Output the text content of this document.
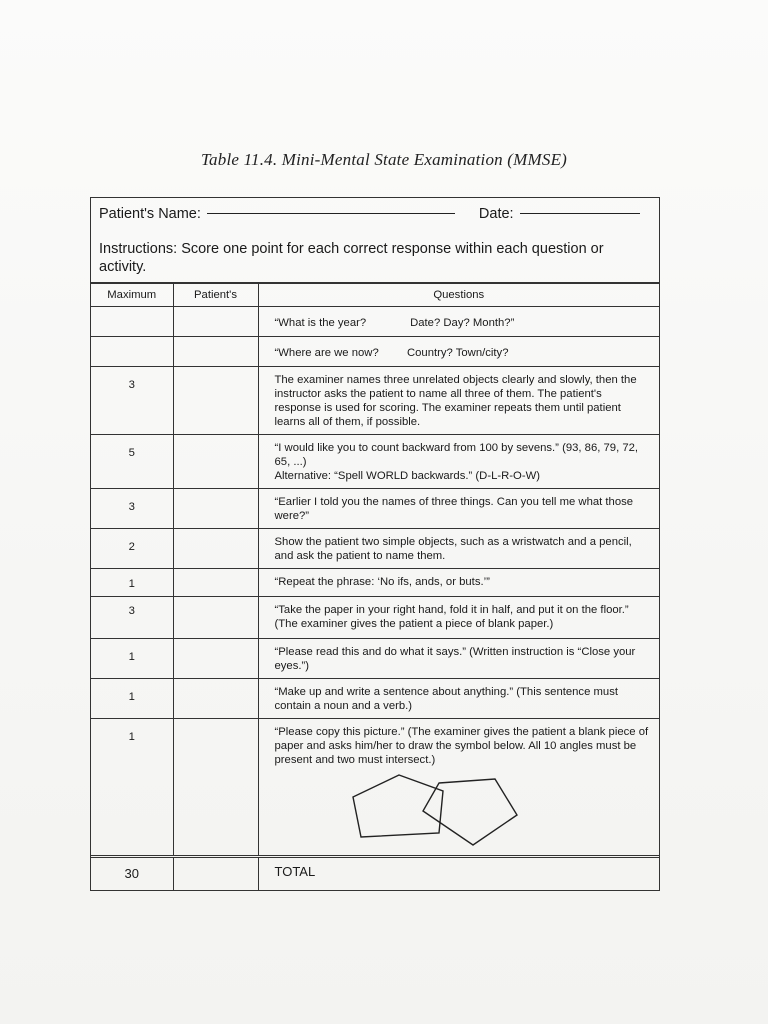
Table 11.4. Mini-Mental State Examination (MMSE)
Patient's Name:	Date:
Instructions: Score one point for each correct response within each question or activity.
Maximum	Patient's	Questions
		“What is the year?              Date? Day? Month?”
		“Where are we now?         Country? Town/city?
3		The examiner names three unrelated objects clearly and slowly, then the instructor asks the patient to name all three of them. The patient's response is used for scoring. The examiner repeats them until patient learns all of them, if possible.
5		“I would like you to count backward from 100 by sevens.” (93, 86, 79, 72, 65, ...)
Alternative: “Spell WORLD backwards.” (D-L-R-O-W)

3		“Earlier I told you the names of three things. Can you tell me what those were?”
2		Show the patient two simple objects, such as a wristwatch and a pencil, and ask the patient to name them.
1		“Repeat the phrase: ‘No ifs, ands, or buts.’”
3		“Take the paper in your right hand, fold it in half, and put it on the floor.” (The examiner gives the patient a piece of blank paper.)
1		“Please read this and do what it says.” (Written instruction is “Close your eyes.”)
1		“Make up and write a sentence about anything.” (This sentence must contain a noun and a verb.)
1		“Please copy this picture.” (The examiner gives the patient a blank piece of paper and asks him/her to draw the symbol below. All 10 angles must be present and two must intersect.)

30		TOTAL
